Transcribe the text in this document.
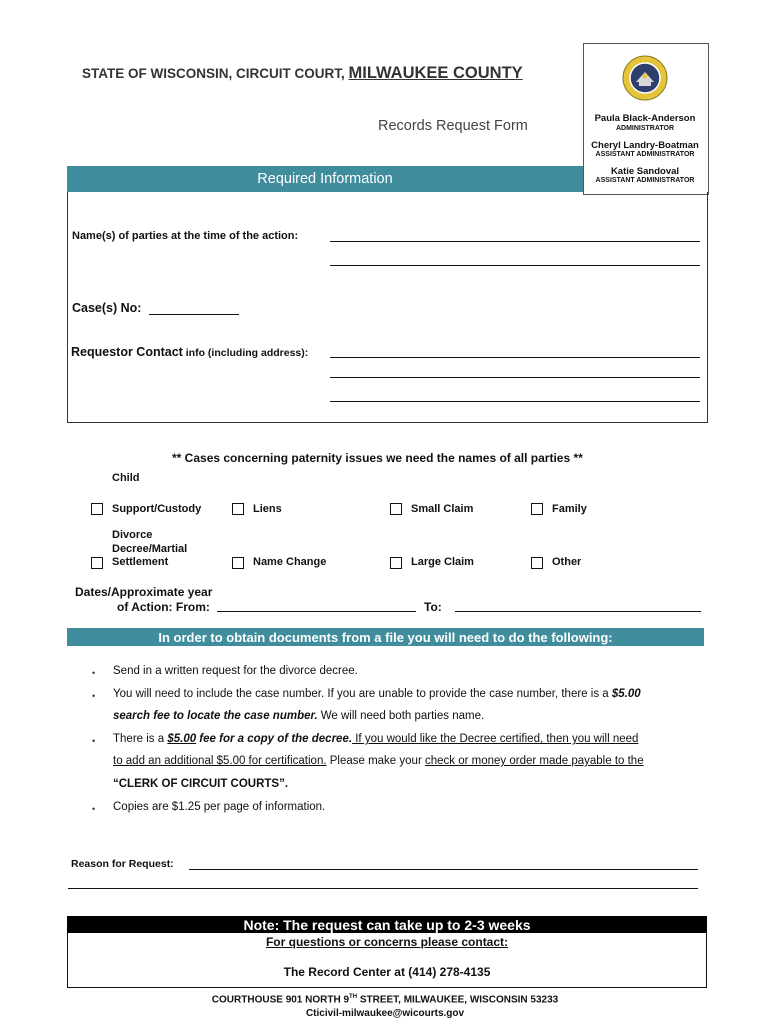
STATE OF WISCONSIN, CIRCUIT COURT, MILWAUKEE COUNTY
Records Request Form	Paula Black-Anderson
ADMINISTRATOR
Cheryl Landry-Boatman
ASSISTANT ADMINISTRATOR
Katie Sandoval
ASSISTANT ADMINISTRATOR
Required Information
Name(s) of parties at the time of the action:
Case(s) No:
Requestor Contact info (including address):
** Cases concerning paternity issues we need the names of all parties **
Child
Support/Custody	Liens	Small Claim	Family
Divorce
Decree/Martial
Settlement	Name Change	Large Claim	Other
Dates/Approximate year
of Action: From:	To:
In order to obtain documents from a file you will need to do the following:
• Send in a written request for the divorce decree.
• You will need to include the case number. If you are unable to provide the case number, there is a $5.00
search fee to locate the case number. We will need both parties name.
• There is a $5.00 fee for a copy of the decree. If you would like the Decree certified, then you will need
to add an additional $5.00 for certification. Please make your check or money order made payable to the
“CLERK OF CIRCUIT COURTS”.
• Copies are $1.25 per page of information.
Reason for Request:
Note: The request can take up to 2-3 weeks
For questions or concerns please contact:
The Record Center at (414) 278-4135
COURTHOUSE 901 NORTH 9TH STREET, MILWAUKEE, WISCONSIN 53233
Cticivil-milwaukee@wicourts.gov
